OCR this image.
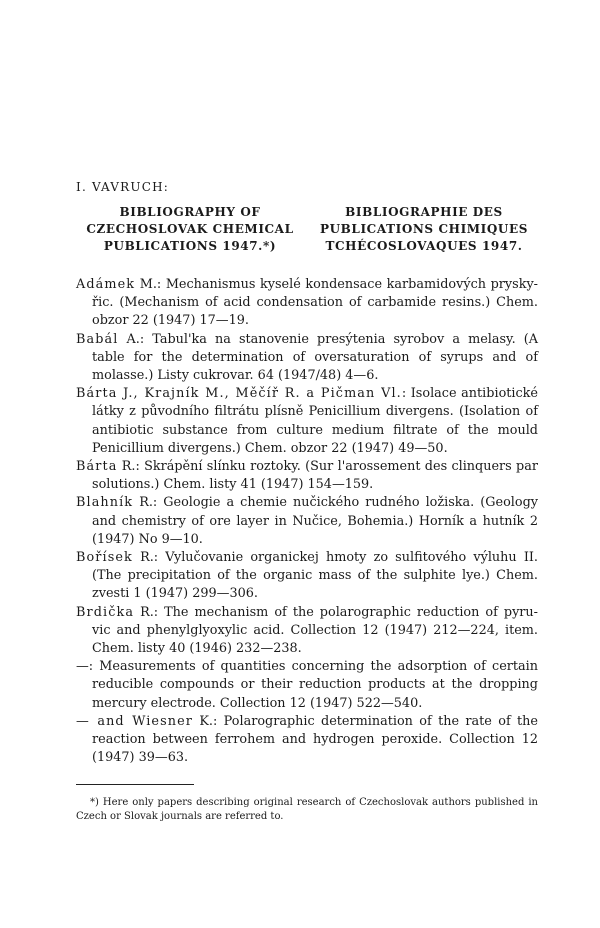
I. VAVRUCH:
BIBLIOGRAPHY OF
CZECHOSLOVAK CHEMICAL
PUBLICATIONS 1947.*)
BIBLIOGRAPHIE DES
PUBLICATIONS CHIMIQUES
TCHÉCOSLOVAQUES 1947.

Adámek M.: Mechanismus kyselé kondensace karbamidových prysky- řic. (Mechanism of acid condensation of carbamide resins.) Chem. obzor 22 (1947) 17—19.

Babál A.: Tabul'ka na stanovenie presýtenia syrobov a melasy. (A table for the determination of oversaturation of syrups and of molasse.) Listy cukrovar. 64 (1947/48) 4—6.

Bárta J., Krajník M., Měčíř R. a Pičman Vl.: Isolace antibiotické látky z původního filtrátu plísně Penicillium divergens. (Isolation of antibiotic substance from culture medium filtrate of the mould Penicillium divergens.) Chem. obzor 22 (1947) 49—50.

Bárta R.: Skrápění slínku roztoky. (Sur l'arossement des clinquers par solutions.) Chem. listy 41 (1947) 154—159.

Blahník R.: Geologie a chemie nučického rudného ložiska. (Geology and chemistry of ore layer in Nučice, Bohemia.) Horník a hutník 2 (1947) No 9—10.

Bořísek R.: Vylučovanie organickej hmoty zo sulfitového výluhu II. (The precipitation of the organic mass of the sulphite lye.) Chem. zvesti 1 (1947) 299—306.

Brdička R.: The mechanism of the polarographic reduction of pyru- vic and phenylglyoxylic acid. Collection 12 (1947) 212—224, item. Chem. listy 40 (1946) 232—238.

—: Measurements of quantities concerning the adsorption of certain reducible compounds or their reduction products at the dropping mercury electrode. Collection 12 (1947) 522—540.

— and Wiesner K.: Polarographic determination of the rate of the reaction between ferrohem and hydrogen peroxide. Collection 12 (1947) 39—63.

*) Here only papers describing original research of Czechoslovak authors published in Czech or Slovak journals are referred to.
